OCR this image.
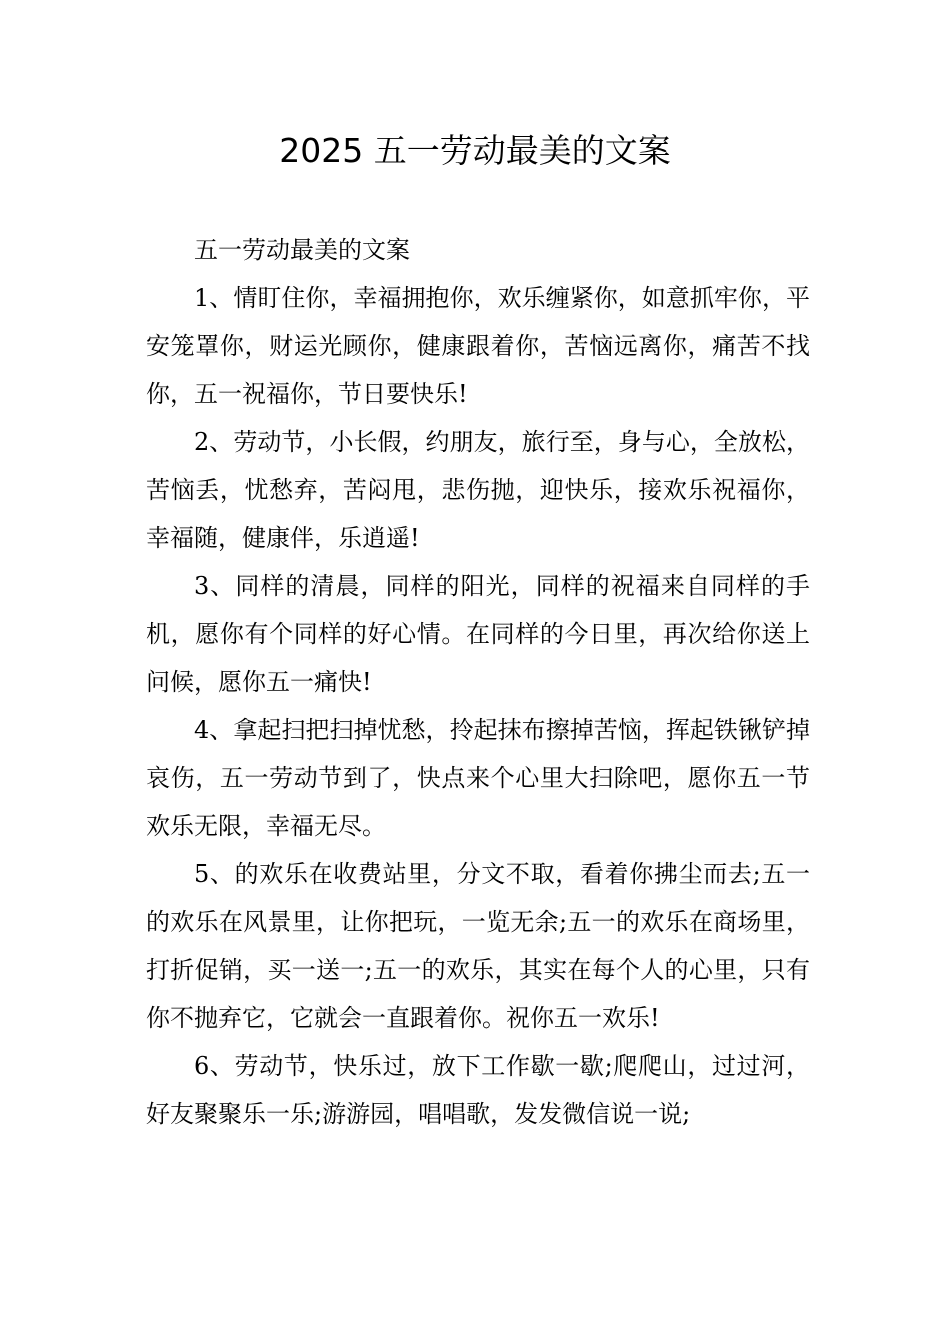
2025 五一劳动最美的文案

五一劳动最美的文案

1、情盯住你，幸福拥抱你，欢乐缠紧你，如意抓牢你，平安笼罩你，财运光顾你，健康跟着你，苦恼远离你，痛苦不找你，五一祝福你，节日要快乐!

2、劳动节，小长假，约朋友，旅行至，身与心，全放松，苦恼丢，忧愁弃，苦闷甩，悲伤抛，迎快乐，接欢乐祝福你，幸福随，健康伴，乐逍遥!

3、同样的清晨，同样的阳光，同样的祝福来自同样的手机，愿你有个同样的好心情。在同样的今日里，再次给你送上问候，愿你五一痛快!

4、拿起扫把扫掉忧愁，拎起抹布擦掉苦恼，挥起铁锹铲掉哀伤，五一劳动节到了，快点来个心里大扫除吧，愿你五一节欢乐无限，幸福无尽。

5、的欢乐在收费站里，分文不取，看着你拂尘而去;五一的欢乐在风景里，让你把玩，一览无余;五一的欢乐在商场里，打折促销，买一送一;五一的欢乐，其实在每个人的心里，只有你不抛弃它，它就会一直跟着你。祝你五一欢乐!

6、劳动节，快乐过，放下工作歇一歇;爬爬山，过过河，好友聚聚乐一乐;游游园，唱唱歌，发发微信说一说;
